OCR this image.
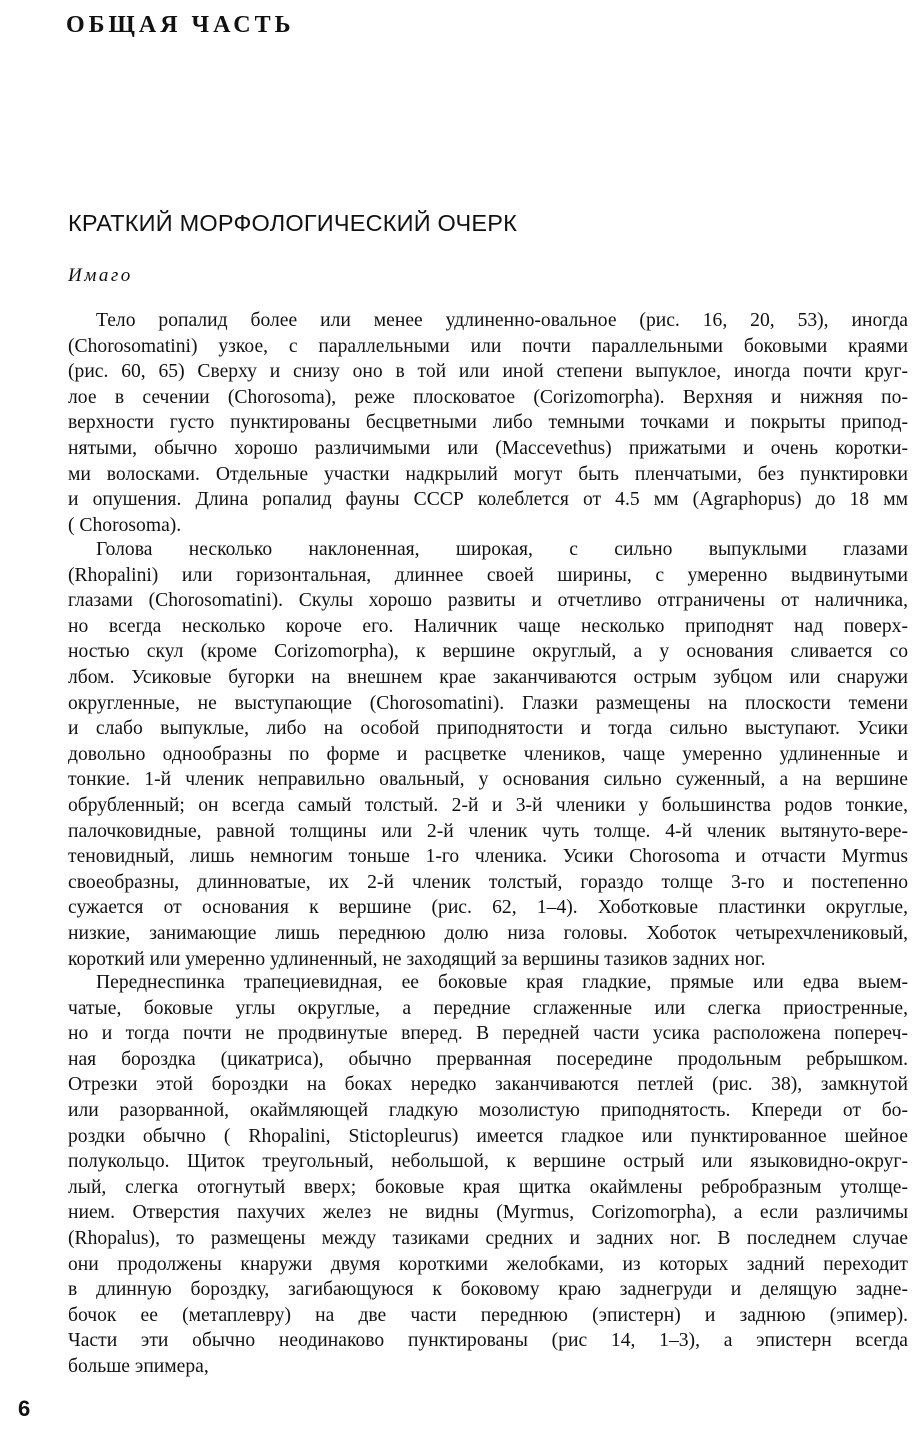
ОБЩАЯ ЧАСТЬ
КРАТКИЙ МОРФОЛОГИЧЕСКИЙ ОЧЕРК
Имаго
Тело ропалид более или менее удлиненно-овальное (рис. 16, 20, 53), иногда
(Chorosomatini) узкое, с параллельными или почти параллельными боковыми краями
(рис. 60, 65) Сверху и снизу оно в той или иной степени выпуклое, иногда почти круг-
лое в сечении (Chorosoma), реже плосковатое (Corizomorpha). Верхняя и нижняя по-
верхности густо пунктированы бесцветными либо темными точками и покрыты припод-
нятыми, обычно хорошо различимыми или (Maccevethus) прижатыми и очень коротки-
ми волосками. Отдельные участки надкрылий могут быть пленчатыми, без пунктировки
и опушения. Длина ропалид фауны СССР колеблется от 4.5 мм (Agraphopus) до 18 мм
( Chorosoma).
Голова несколько наклоненная, широкая, с сильно выпуклыми глазами
(Rhopalini) или горизонтальная, длиннее своей ширины, с умеренно выдвинутыми
глазами (Chorosomatini). Скулы хорошо развиты и отчетливо отграничены от наличника,
но всегда несколько короче его. Наличник чаще несколько приподнят над поверх-
ностью скул (кроме Corizomorpha), к вершине округлый, а у основания сливается со
лбом. Усиковые бугорки на внешнем крае заканчиваются острым зубцом или снаружи
округленные, не выступающие (Chorosomatini). Глазки размещены на плоскости темени
и слабо выпуклые, либо на особой приподнятости и тогда сильно выступают. Усики
довольно однообразны по форме и расцветке члеников, чаще умеренно удлиненные и
тонкие. 1-й членик неправильно овальный, у основания сильно суженный, а на вершине
обрубленный; он всегда самый толстый. 2-й и 3-й членики у большинства родов тонкие,
палочковидные, равной толщины или 2-й членик чуть толще. 4-й членик вытянуто-вере-
теновидный, лишь немногим тоньше 1-го членика. Усики Chorosoma и отчасти Myrmus
своеобразны, длинноватые, их 2-й членик толстый, гораздо толще 3-го и постепенно
сужается от основания к вершине (рис. 62, 1–4). Хоботковые пластинки округлые,
низкие, занимающие лишь переднюю долю низа головы. Хоботок четырехчлениковый,
короткий или умеренно удлиненный, не заходящий за вершины тазиков задних ног.
Переднеспинка трапециевидная, ее боковые края гладкие, прямые или едва выем-
чатые, боковые углы округлые, а передние сглаженные или слегка приостренные,
но и тогда почти не продвинутые вперед. В передней части усика расположена попереч-
ная бороздка (цикатриса), обычно прерванная посередине продольным ребрышком.
Отрезки этой бороздки на боках нередко заканчиваются петлей (рис. 38), замкнутой
или разорванной, окаймляющей гладкую мозолистую приподнятость. Кпереди от бо-
роздки обычно ( Rhopalini, Stictopleurus) имеется гладкое или пунктированное шейное
полукольцо. Щиток треугольный, небольшой, к вершине острый или языковидно-округ-
лый, слегка отогнутый вверх; боковые края щитка окаймлены ребробразным утолще-
нием. Отверстия пахучих желез не видны (Myrmus, Corizomorpha), а если различимы
(Rhopalus), то размещены между тазиками средних и задних ног. В последнем случае
они продолжены кнаружи двумя короткими желобками, из которых задний переходит
в длинную бороздку, загибающуюся к боковому краю заднегруди и делящую задне-
бочок ее (метаплевру) на две части переднюю (эпистерн) и заднюю (эпимер).
Части эти обычно неодинаково пунктированы (рис 14, 1–3), а эпистерн всегда
больше эпимера,
6
